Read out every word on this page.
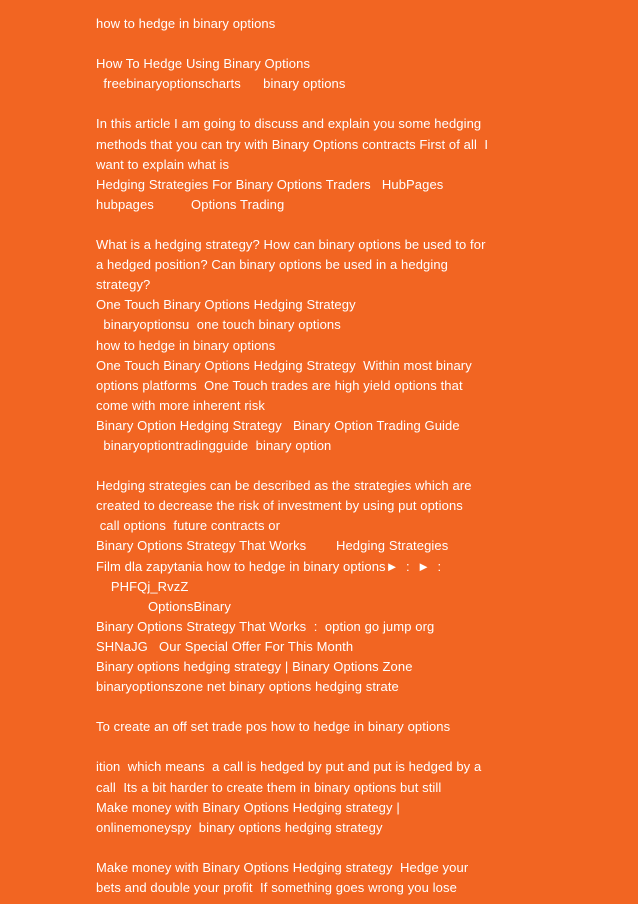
how to hedge in binary options
How To Hedge Using Binary Options
freebinaryoptionscharts      binary options
In this article I am going to discuss and explain you some hedging
methods that you can try with Binary Options contracts First of all  I
want to explain what is
Hedging Strategies For Binary Options Traders   HubPages
hubpages          Options Trading
What is a hedging strategy? How can binary options be used to for
a hedged position? Can binary options be used in a hedging
strategy?
One Touch Binary Options Hedging Strategy
binaryoptionsu  one touch binary options
how to hedge in binary options
One Touch Binary Options Hedging Strategy  Within most binary
options platforms  One Touch trades are high yield options that
come with more inherent risk
Binary Option Hedging Strategy   Binary Option Trading Guide
binaryoptiontradingguide  binary option
Hedging strategies can be described as the strategies which are
created to decrease the risk of investment by using put options
call options  future contracts or
Binary Options Strategy That Works        Hedging Strategies
Film dla zapytania how to hedge in binary options►  :  ►  :
PHFQj_RvzZ
OptionsBinary
Binary Options Strategy That Works  :  option go jump org
SHNaJG   Our Special Offer For This Month
Binary options hedging strategy | Binary Options Zone
binaryoptionszone net binary options hedging strate
To create an off set trade pos how to hedge in binary options
ition  which means  a call is hedged by put and put is hedged by a
call  Its a bit harder to create them in binary options but still
Make money with Binary Options Hedging strategy |
onlinemoneyspy  binary options hedging strategy
Make money with Binary Options Hedging strategy  Hedge your
bets and double your profit  If something goes wrong you lose
